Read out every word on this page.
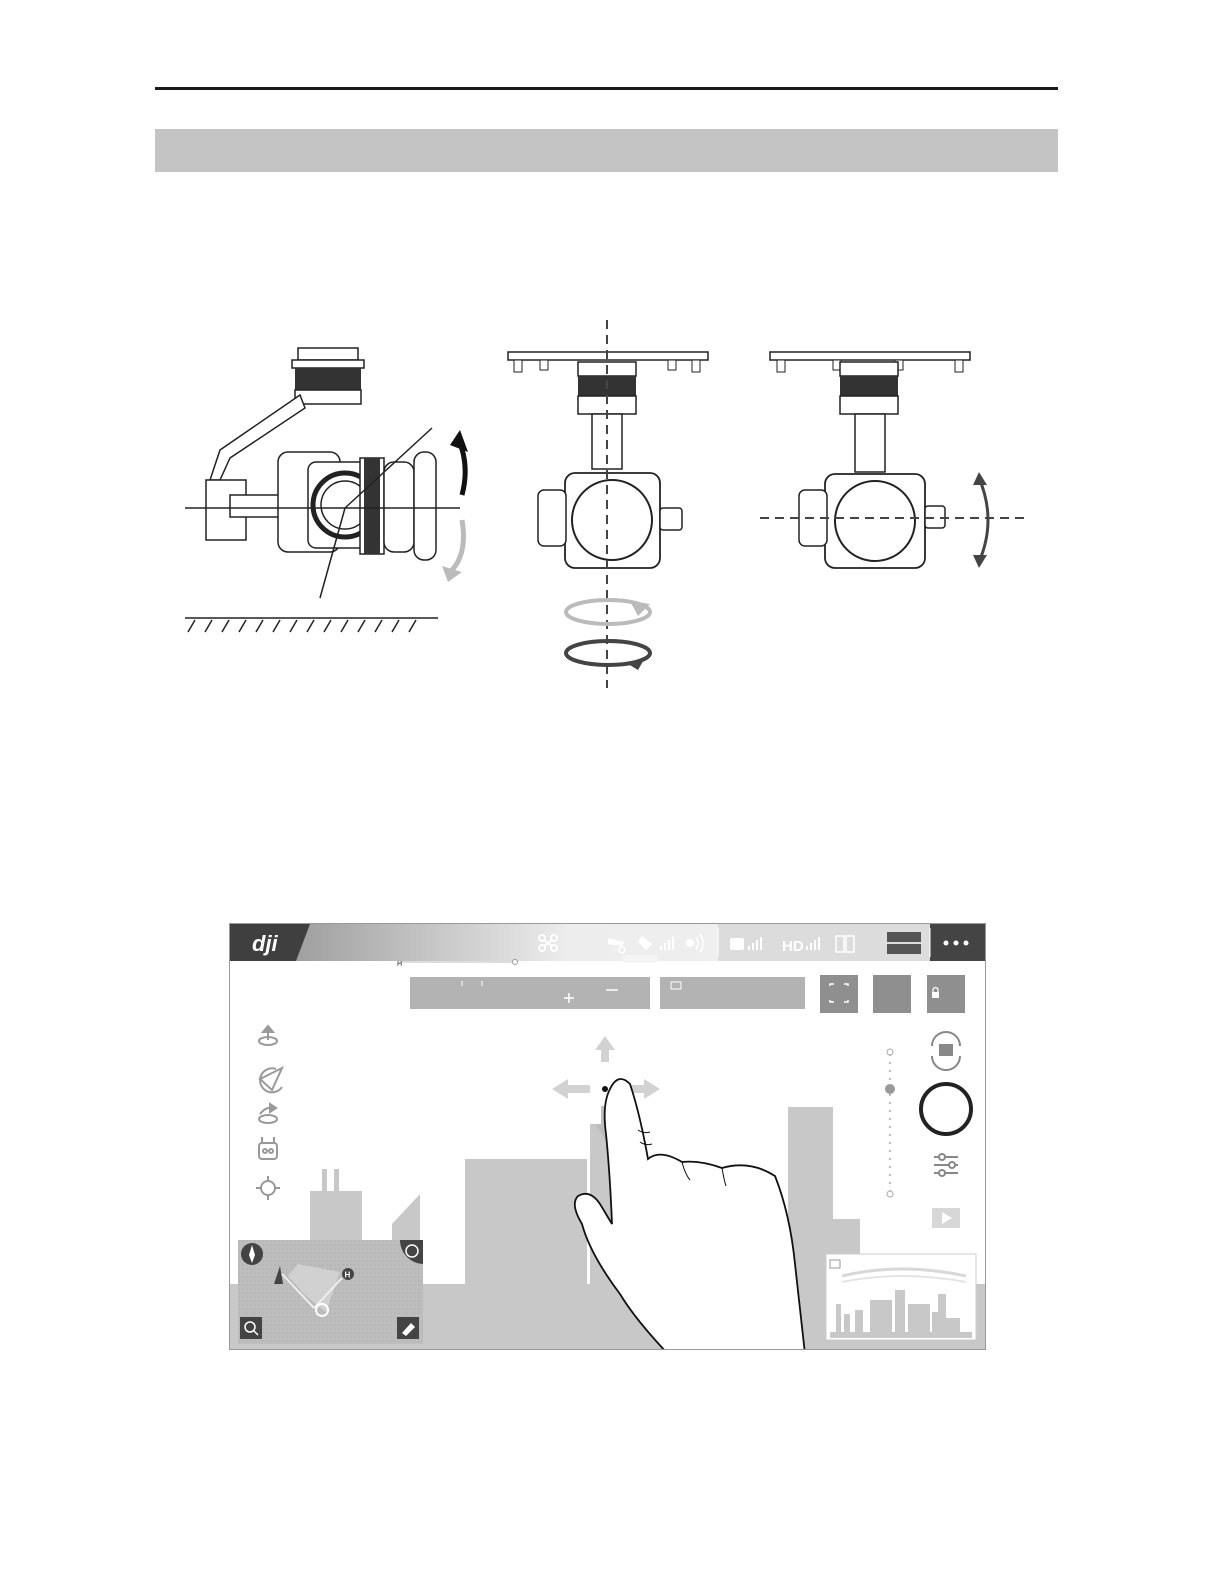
dji	HD
H
H
